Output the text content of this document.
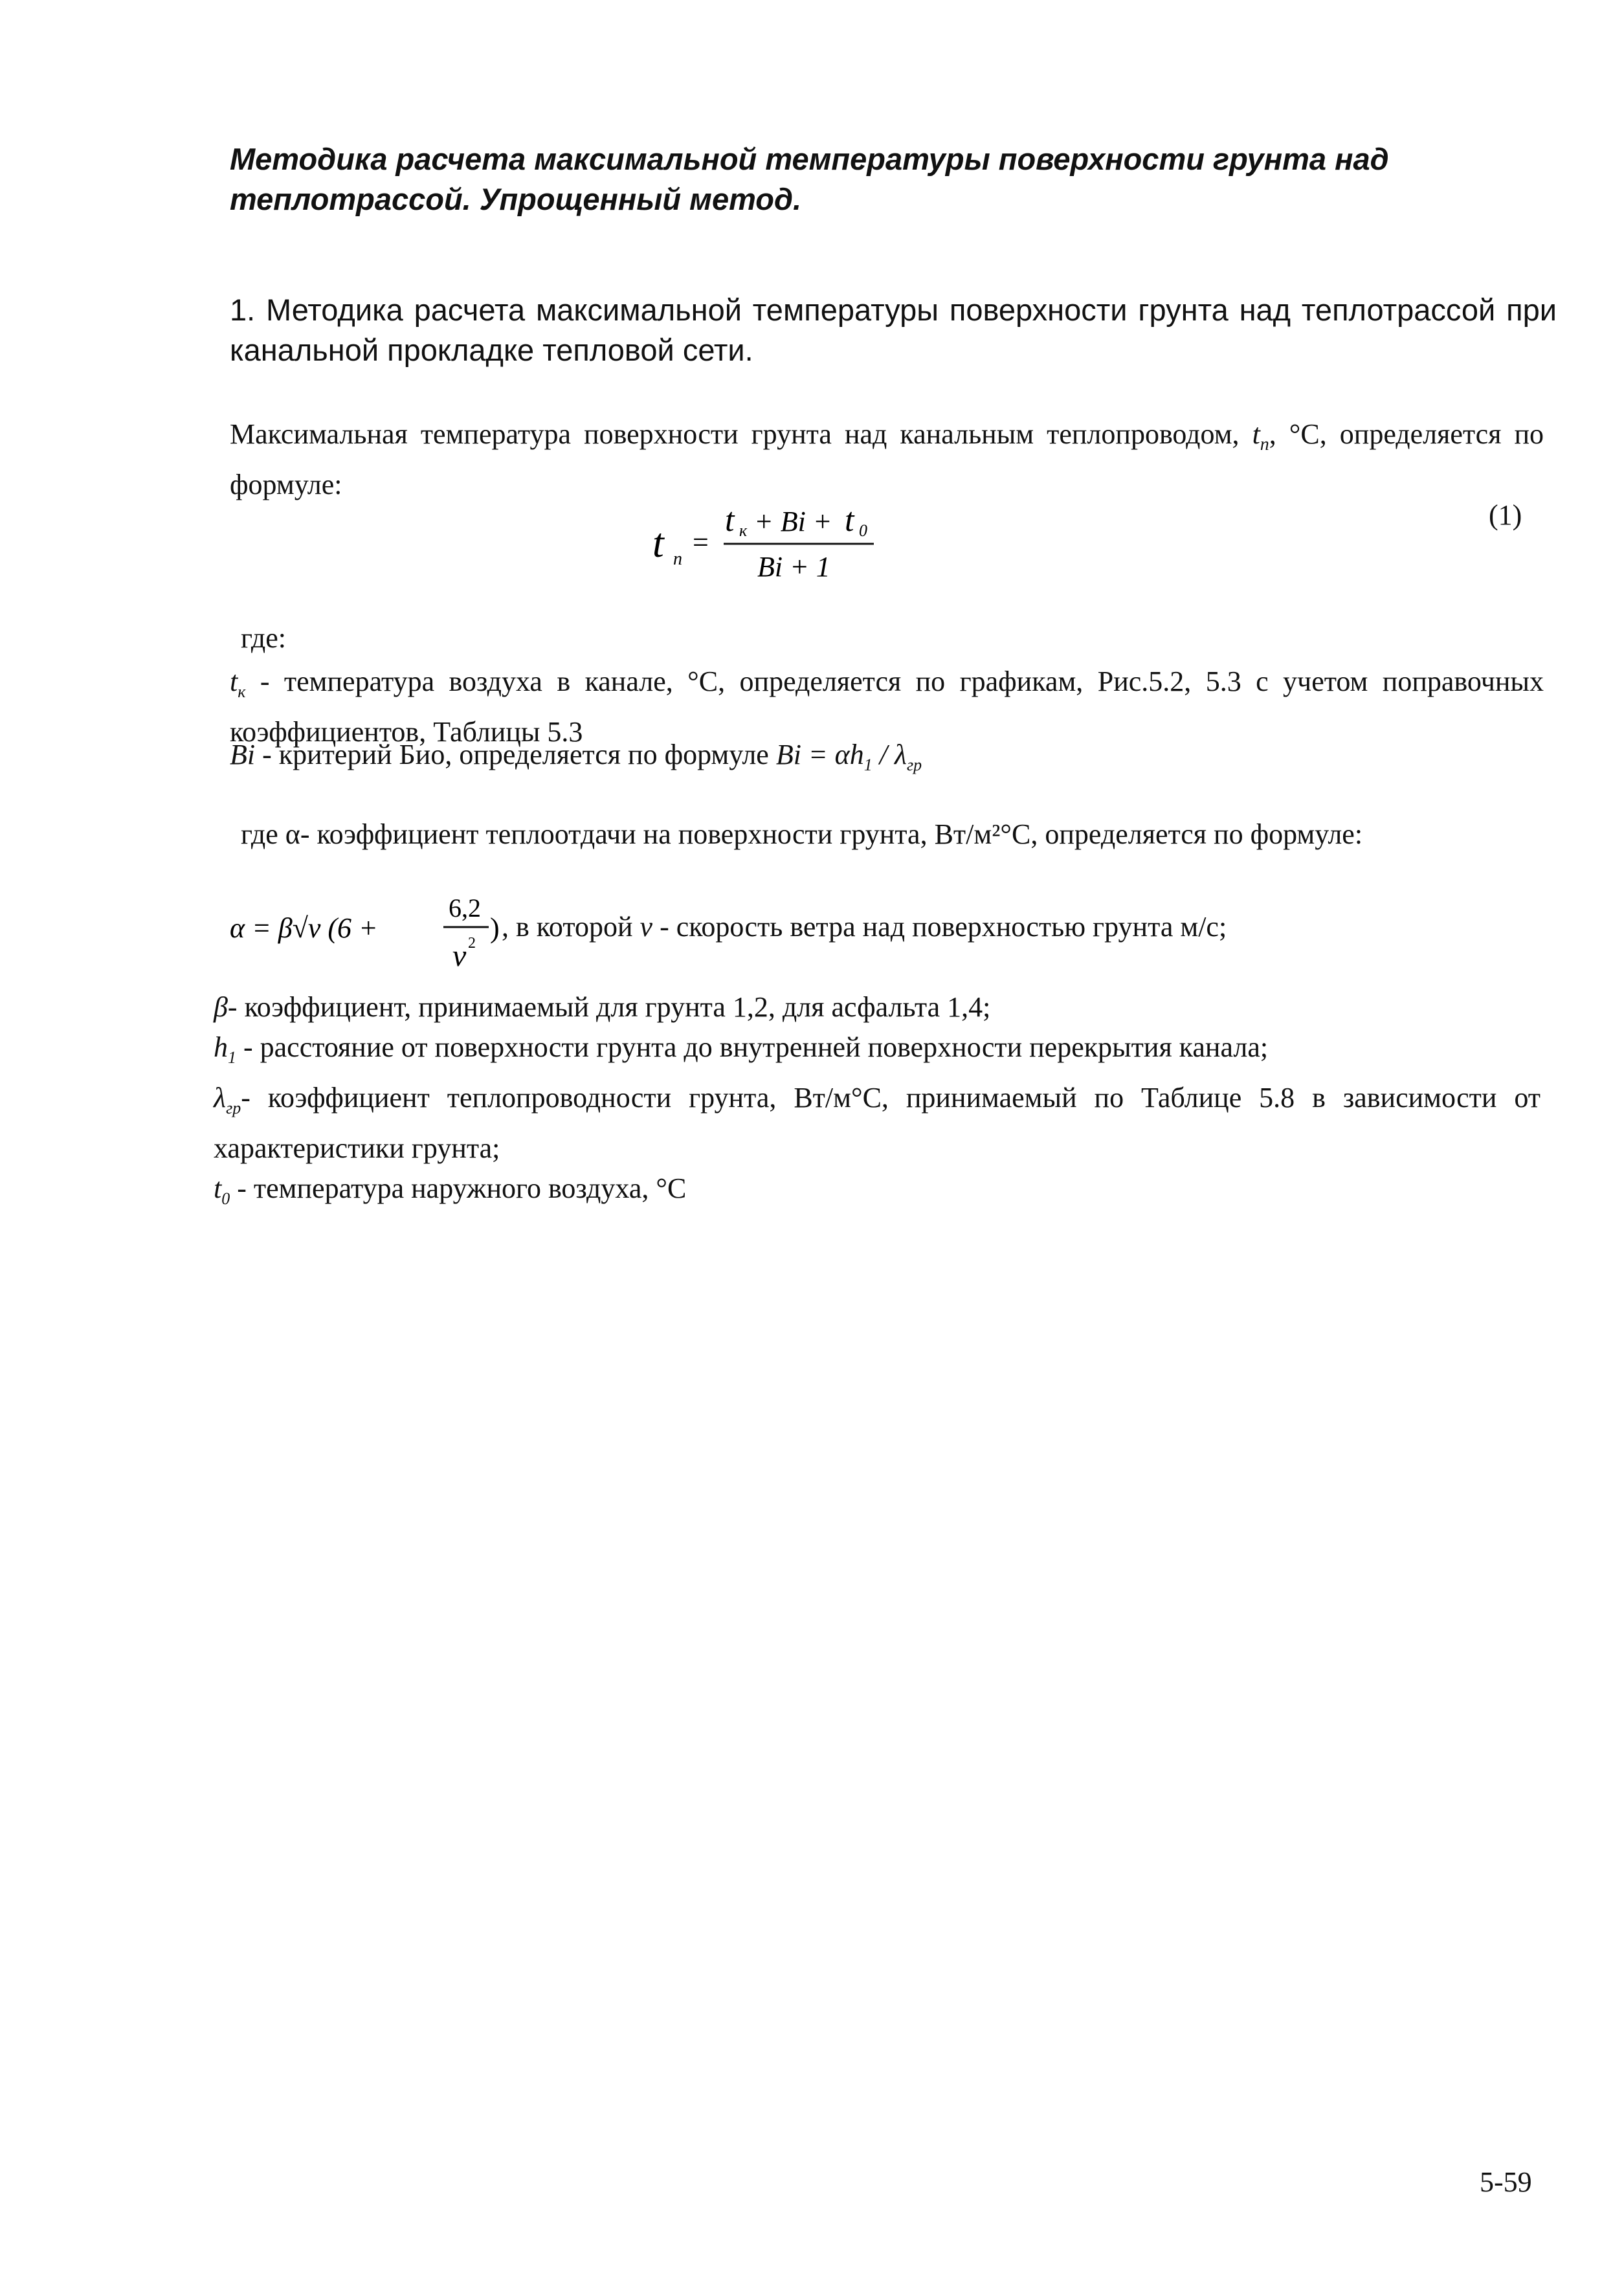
Методика расчета максимальной температуры поверхности грунта над теплотрассой. Упрощенный метод.
1. Методика расчета максимальной температуры поверхности грунта над теплотрассой при канальной прокладке тепловой сети.
Максимальная температура поверхности грунта над канальным теплопроводом, $t_n$, °C, определяется по формуле:
t n
=
t к + Bi + t 0
Bi + 1
(1)
где:
$t_к$ - температура воздуха в канале, °C, определяется по графикам, Рис.5.2, 5.3 с учетом поправочных коэффициентов, Таблицы 5.3
Bi - критерий Био, определяется по формуле $Bi = \alpha h_1 / \lambda_{гр}$
где α- коэффициент теплоотдачи на поверхности грунта, Вт/м²°С, определяется по формуле:
α = β√v (6 +
6,2
v 2 ) , в которой v - скорость ветра над поверхностью грунта м/с;
β- коэффициент, принимаемый для грунта 1,2, для асфальта 1,4;
$h_1$ - расстояние от поверхности грунта до внутренней поверхности перекрытия канала;
$\lambda_{гр}-$ коэффициент теплопроводности грунта, Вт/м°С, принимаемый по Таблице 5.8 в зависимости от характеристики грунта;
$t_0$ - температура наружного воздуха, °C
5-59
